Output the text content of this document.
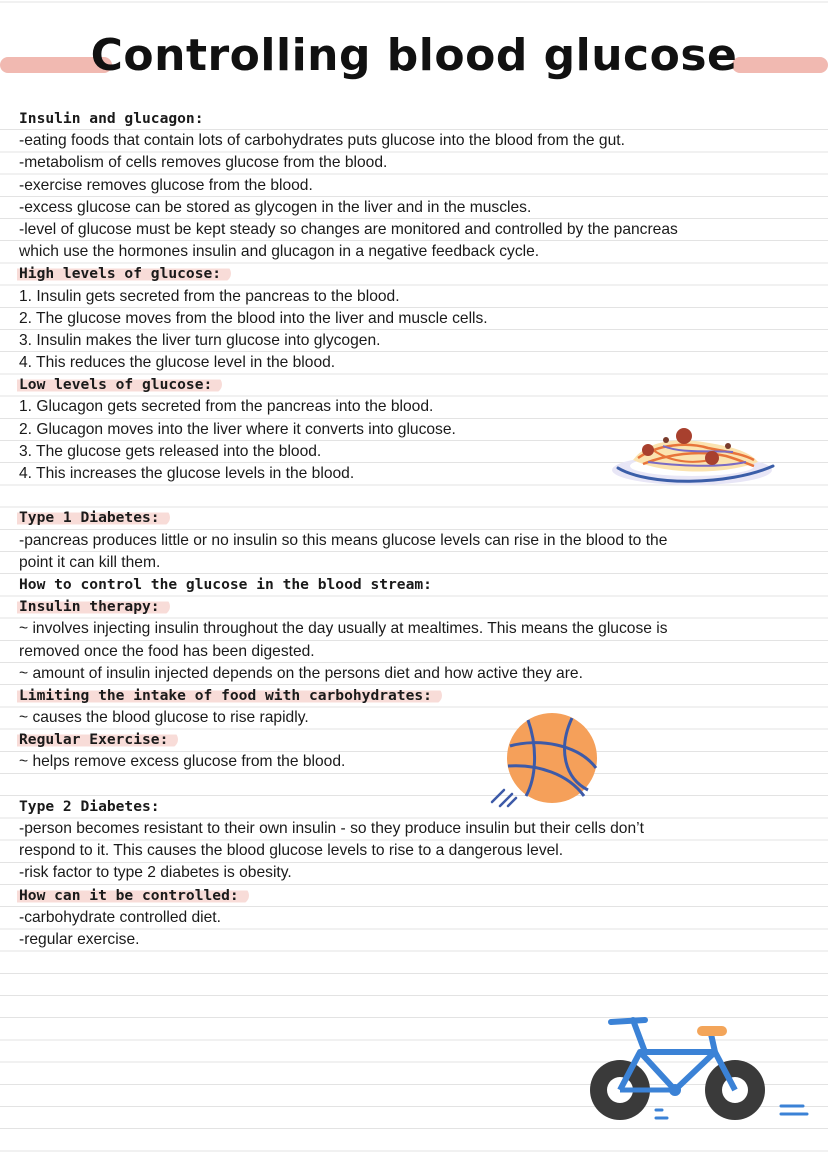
Controlling blood glucose
Insulin and glucagon:
-eating foods that contain lots of carbohydrates puts glucose into the blood from the gut.
-metabolism of cells removes glucose from the blood.
-exercise removes glucose from the blood.
-excess glucose can be stored as glycogen in the liver and in the muscles.
-level of glucose must be kept steady so changes are monitored and controlled by the pancreas
which use the hormones insulin and glucagon in a negative feedback cycle.
High levels of glucose:
1. Insulin gets secreted from the pancreas to the blood.
2. The glucose moves from the blood into the liver and muscle cells.
3. Insulin makes the liver turn glucose into glycogen.
4. This reduces the glucose level in the blood.
Low levels of glucose:
1. Glucagon gets secreted from the pancreas into the blood.
2. Glucagon moves into the liver where it converts into glucose.
3. The glucose gets released into the blood.
4. This increases the glucose levels in the blood.
Type 1 Diabetes:
-pancreas produces little or no insulin so this means glucose levels can rise in the blood to the
point it can kill them.
How to control the glucose in the blood stream:
Insulin therapy:
~ involves injecting insulin throughout the day usually at mealtimes. This means the glucose is
removed once the food has been digested.
~ amount of insulin injected depends on the persons diet and how active they are.
Limiting the intake of food with carbohydrates:
~ causes the blood glucose to rise rapidly.
Regular Exercise:
~ helps remove excess glucose from the blood.
Type 2 Diabetes:
-person becomes resistant to their own insulin - so they produce insulin but their cells don’t
respond to it. This causes the blood glucose levels to rise to a dangerous level.
-risk factor to type 2 diabetes is obesity.
How can it be controlled:
-carbohydrate controlled diet.
-regular exercise.
